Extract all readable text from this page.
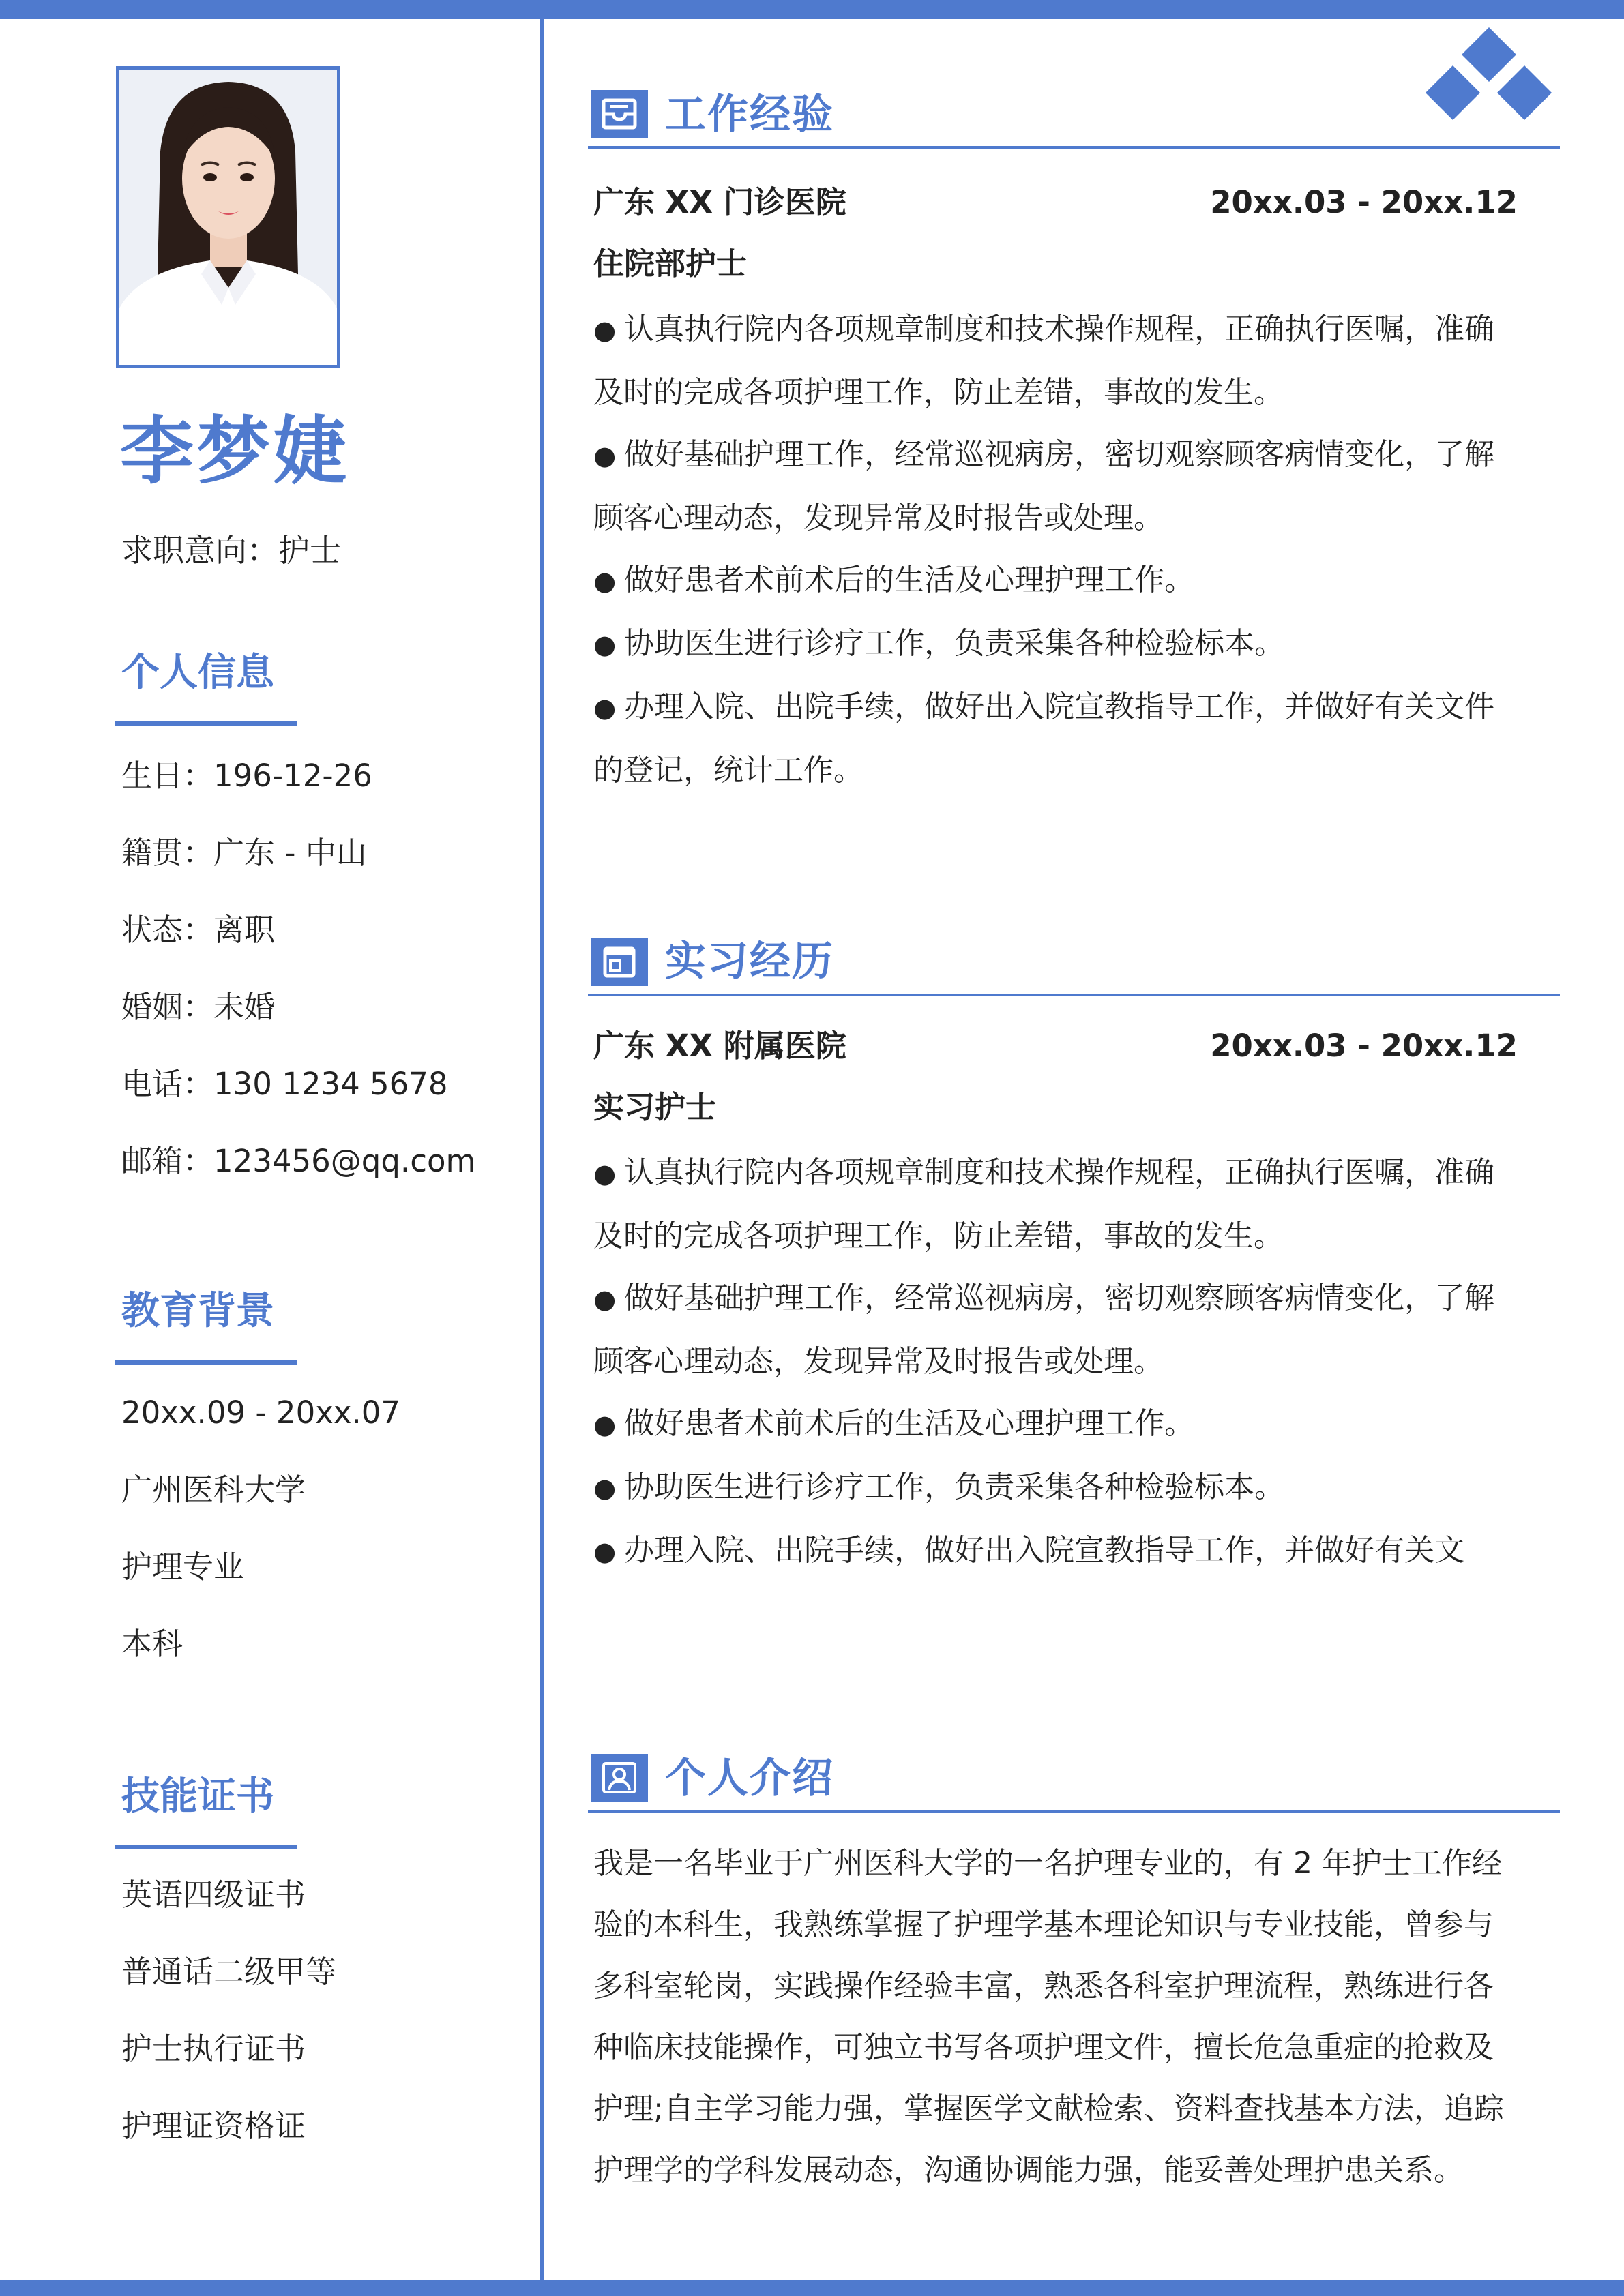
李梦婕
求职意向：护士
个人信息
生日：196-12-26
籍贯：广东 - 中山
状态：离职
婚姻：未婚
电话：130 1234 5678
邮箱：123456@qq.com
教育背景
20xx.09 - 20xx.07
广州医科大学
护理专业
本科
技能证书
英语四级证书
普通话二级甲等
护士执行证书
护理证资格证
工作经验
广东 XX 门诊医院	20xx.03 - 20xx.12
住院部护士
● 认真执行院内各项规章制度和技术操作规程，正确执行医嘱，准确及时的完成各项护理工作，防止差错，事故的发生。
● 做好基础护理工作，经常巡视病房，密切观察顾客病情变化，了解顾客心理动态，发现异常及时报告或处理。
● 做好患者术前术后的生活及心理护理工作。
● 协助医生进行诊疗工作，负责采集各种检验标本。
● 办理入院、出院手续，做好出入院宣教指导工作，并做好有关文件的登记，统计工作。
实习经历
广东 XX 附属医院	20xx.03 - 20xx.12
实习护士
● 认真执行院内各项规章制度和技术操作规程，正确执行医嘱，准确及时的完成各项护理工作，防止差错，事故的发生。
● 做好基础护理工作，经常巡视病房，密切观察顾客病情变化，了解顾客心理动态，发现异常及时报告或处理。
● 做好患者术前术后的生活及心理护理工作。
● 协助医生进行诊疗工作，负责采集各种检验标本。
● 办理入院、出院手续，做好出入院宣教指导工作，并做好有关文
个人介绍
我是一名毕业于广州医科大学的一名护理专业的，有 2 年护士工作经验的本科生，我熟练掌握了护理学基本理论知识与专业技能，曾参与多科室轮岗，实践操作经验丰富，熟悉各科室护理流程，熟练进行各种临床技能操作，可独立书写各项护理文件，擅长危急重症的抢救及护理;自主学习能力强，掌握医学文献检索、资料查找基本方法，追踪护理学的学科发展动态，沟通协调能力强，能妥善处理护患关系。
